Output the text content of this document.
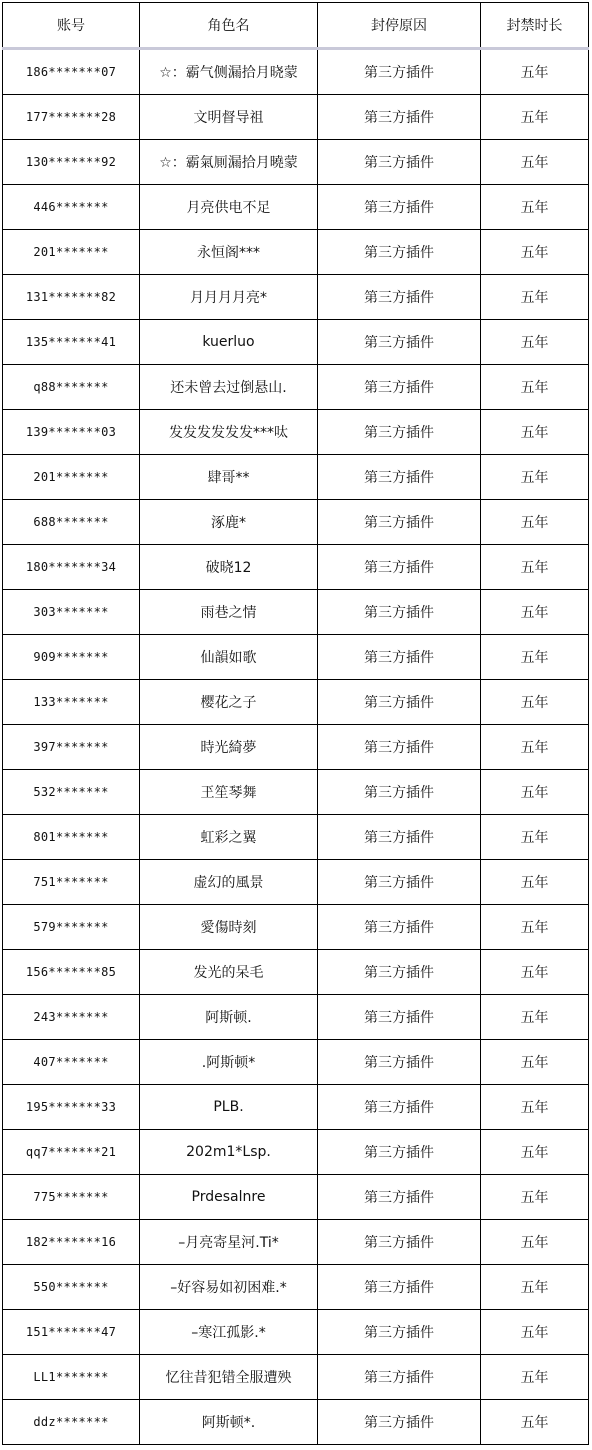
账号	角色名	封停原因	封禁时长
186*******07	☆：霸气侧漏拾月晓蒙	第三方插件	五年
177*******28	文明督导祖	第三方插件	五年
130*******92	☆：霸氣厠漏拾月曉蒙	第三方插件	五年
446*******	月亮供电不足	第三方插件	五年
201*******	永恒阁***	第三方插件	五年
131*******82	月月月月亮*	第三方插件	五年
135*******41	kuerluo	第三方插件	五年
q88*******	还未曾去过倒悬山.	第三方插件	五年
139*******03	发发发发发发***呔	第三方插件	五年
201*******	肆哥**	第三方插件	五年
688*******	涿鹿*	第三方插件	五年
180*******34	破晓12	第三方插件	五年
303*******	雨巷之情	第三方插件	五年
909*******	仙韻如歌	第三方插件	五年
133*******	樱花之子	第三方插件	五年
397*******	時光綺夢	第三方插件	五年
532*******	玊笙琴舞	第三方插件	五年
801*******	虹彩之翼	第三方插件	五年
751*******	虚幻的風景	第三方插件	五年
579*******	愛傷時刻	第三方插件	五年
156*******85	发光的呆毛	第三方插件	五年
243*******	阿斯顿.	第三方插件	五年
407*******	.阿斯顿*	第三方插件	五年
195*******33	PLB.	第三方插件	五年
qq7*******21	202m1*Lsp.	第三方插件	五年
775*******	Prdesalnre	第三方插件	五年
182*******16	–月亮寄星河.Ti*	第三方插件	五年
550*******	–好容易如初困难.*	第三方插件	五年
151*******47	–寒江孤影.*	第三方插件	五年
LL1*******	忆往昔犯错全服遭殃	第三方插件	五年
ddz*******	阿斯顿*.	第三方插件	五年
